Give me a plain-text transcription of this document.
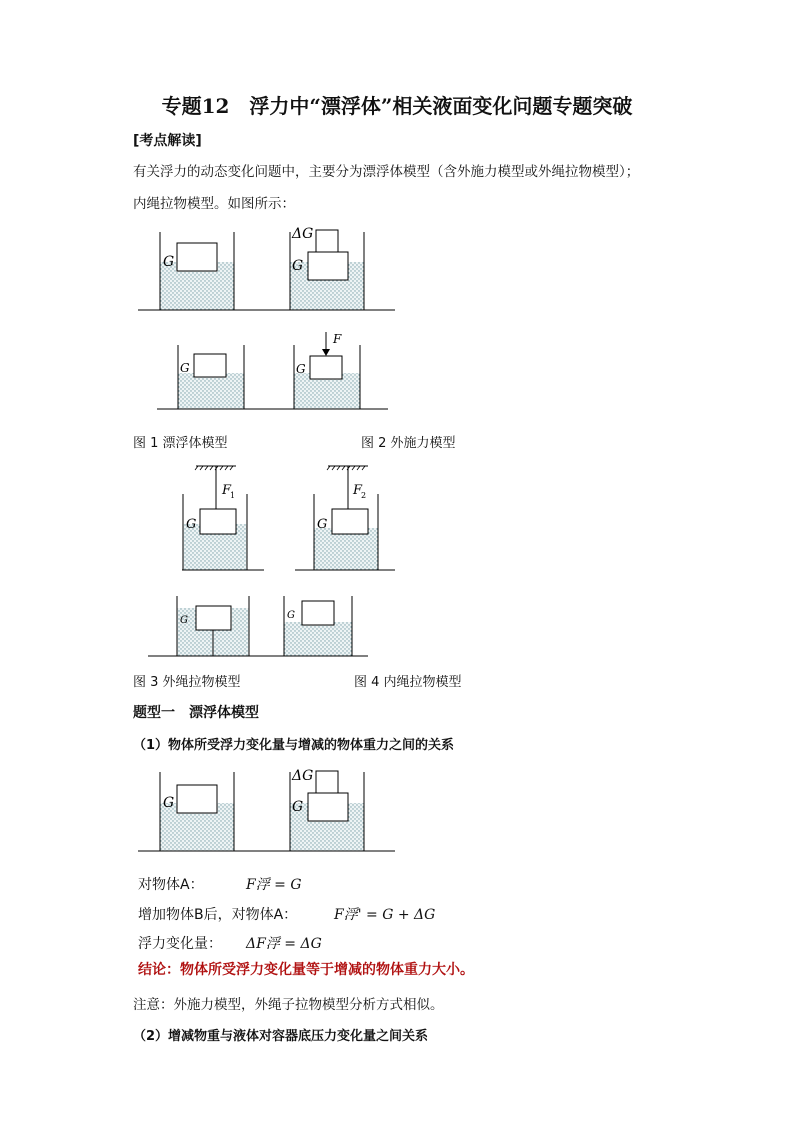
专题12　浮力中“漂浮体”相关液面变化问题专题突破
[考点解读]
有关浮力的动态变化问题中，主要分为漂浮体模型（含外施力模型或外绳拉物模型）；
内绳拉物模型。如图所示：
G
ΔG
G
G
F
G
F
1
G
F
2
G
G	G
G
ΔG
G
图 1 漂浮体模型	图 2 外施力模型
图 3 外绳拉物模型	图 4 内绳拉物模型
题型一　漂浮体模型
（1）物体所受浮力变化量与增减的物体重力之间的关系
对物体A：	F浮 = G
增加物体B后，对物体A：	F浮' = G + ΔG
浮力变化量： ΔF浮 = ΔG
结论：物体所受浮力变化量等于增减的物体重力大小。
注意：外施力模型，外绳子拉物模型分析方式相似。
（2）增减物重与液体对容器底压力变化量之间关系
